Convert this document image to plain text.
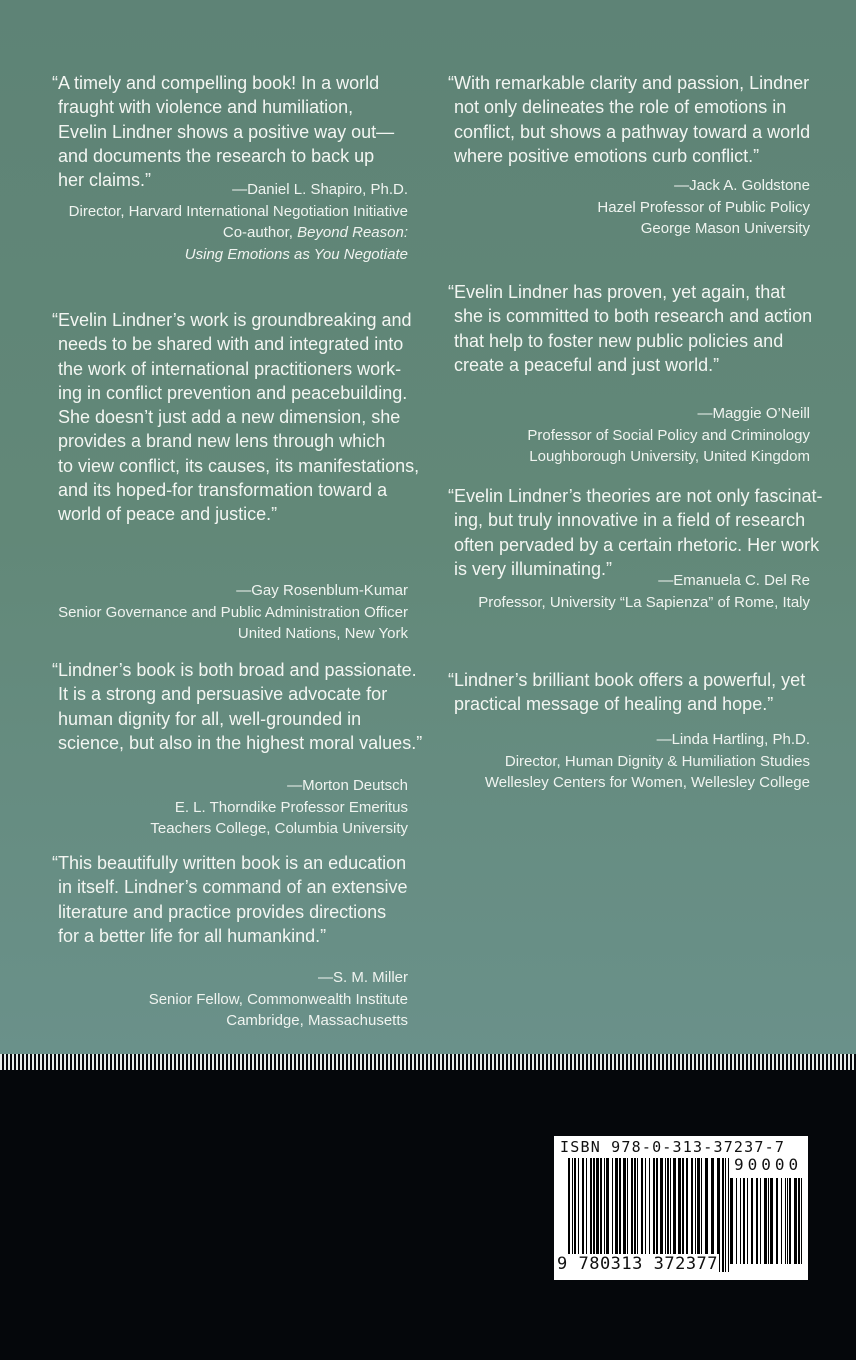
“A timely and compelling book! In a world
fraught with violence and humiliation,
Evelin Lindner shows a positive way out—
and documents the research to back up
her claims.”	—Daniel L. Shapiro, Ph.D.
Director, Harvard International Negotiation Initiative
Co-author, Beyond Reason:
Using Emotions as You Negotiate
“Evelin Lindner’s work is groundbreaking and
needs to be shared with and integrated into
the work of international practitioners work-
ing in conflict prevention and peacebuilding.
She doesn’t just add a new dimension, she
provides a brand new lens through which
to view conflict, its causes, its manifestations,
and its hoped-for transformation toward a
world of peace and justice.”
—Gay Rosenblum-Kumar
Senior Governance and Public Administration Officer
United Nations, New York
“Lindner’s book is both broad and passionate.
It is a strong and persuasive advocate for
human dignity for all, well-grounded in
science, but also in the highest moral values.”
—Morton Deutsch
E. L. Thorndike Professor Emeritus
Teachers College, Columbia University
“This beautifully written book is an education
in itself. Lindner’s command of an extensive
literature and practice provides directions
for a better life for all humankind.”
—S. M. Miller
Senior Fellow, Commonwealth Institute
Cambridge, Massachusetts
“With remarkable clarity and passion, Lindner
not only delineates the role of emotions in
conflict, but shows a pathway toward a world
where positive emotions curb conflict.”
—Jack A. Goldstone
Hazel Professor of Public Policy
George Mason University
“Evelin Lindner has proven, yet again, that
she is committed to both research and action
that help to foster new public policies and
create a peaceful and just world.”
—Maggie O’Neill
Professor of Social Policy and Criminology
Loughborough University, United Kingdom
“Evelin Lindner’s theories are not only fascinat-
ing, but truly innovative in a field of research
often pervaded by a certain rhetoric. Her work
is very illuminating.”
—Emanuela C. Del Re
Professor, University “La Sapienza” of Rome, Italy
“Lindner’s brilliant book offers a powerful, yet
practical message of healing and hope.”
—Linda Hartling, Ph.D.
Director, Human Dignity & Humiliation Studies
Wellesley Centers for Women, Wellesley College
ISBN 978-0-313-37237-7
90000
9 780313 372377
